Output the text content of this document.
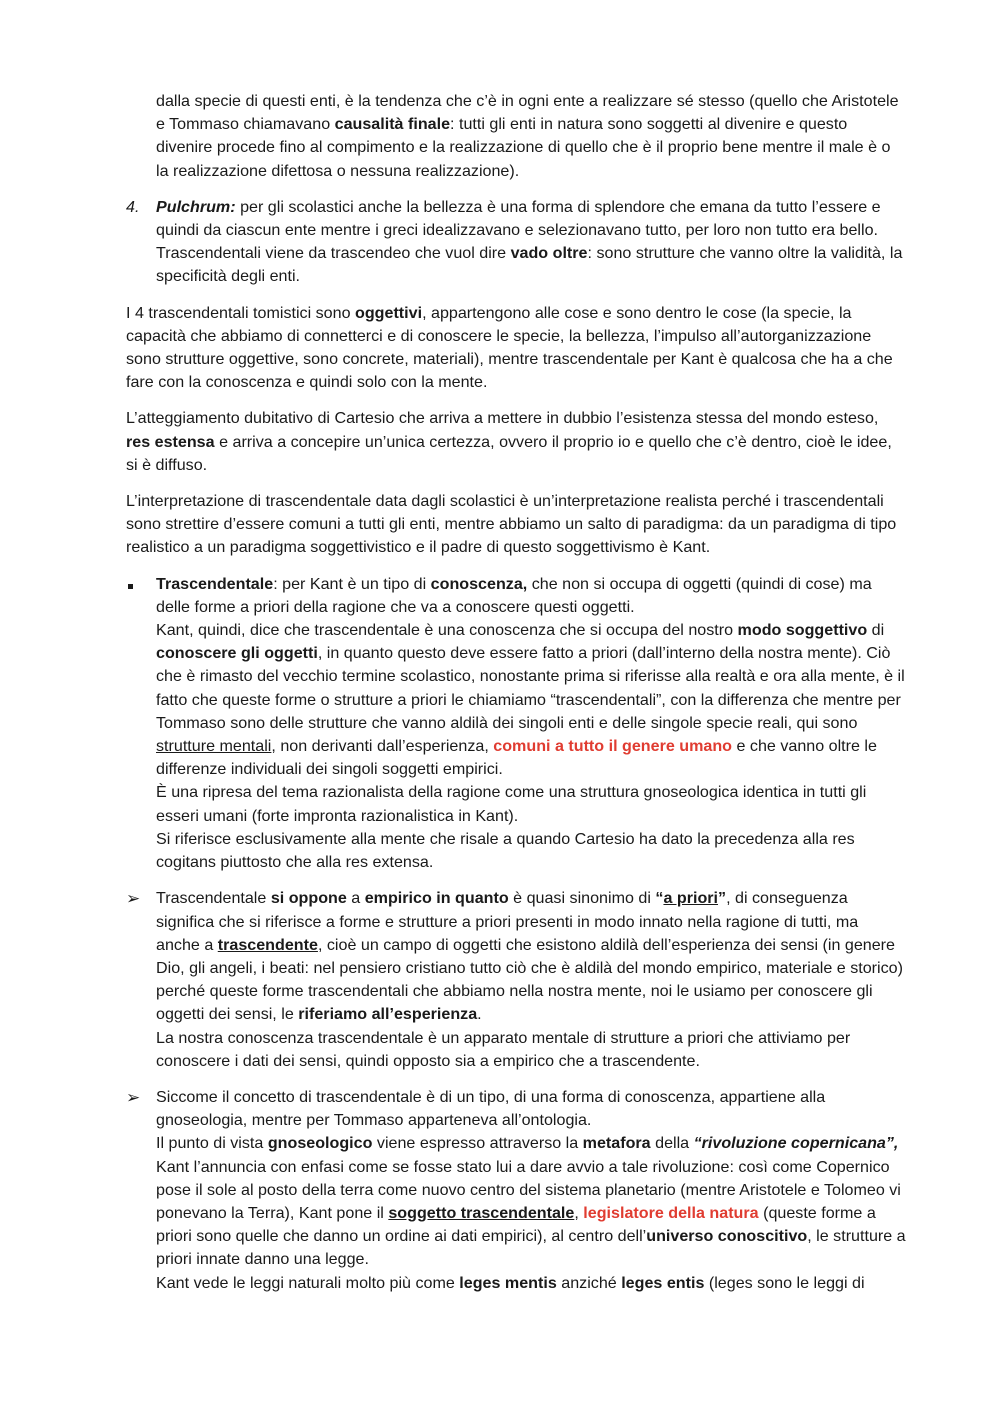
dalla specie di questi enti, è la tendenza che c’è in ogni ente a realizzare sé stesso (quello che Aristotele e Tommaso chiamavano causalità finale: tutti gli enti in natura sono soggetti al divenire e questo divenire procede fino al compimento e la realizzazione di quello che è il proprio bene mentre il male è o la realizzazione difettosa o nessuna realizzazione).

4.	Pulchrum: per gli scolastici anche la bellezza è una forma di splendore che emana da tutto l’essere e quindi da ciascun ente mentre i greci idealizzavano e selezionavano tutto, per loro non tutto era bello. Trascendentali viene da trascendeo che vuol dire vado oltre: sono strutture che vanno oltre la validità, la specificità degli enti.

I 4 trascendentali tomistici sono oggettivi, appartengono alle cose e sono dentro le cose (la specie, la capacità che abbiamo di connetterci e di conoscere le specie, la bellezza, l’impulso all’autorganizzazione sono strutture oggettive, sono concrete, materiali), mentre trascendentale per Kant è qualcosa che ha a che fare con la conoscenza e quindi solo con la mente.

L’atteggiamento dubitativo di Cartesio che arriva a mettere in dubbio l’esistenza stessa del mondo esteso, res estensa e arriva a concepire un’unica certezza, ovvero il proprio io e quello che c’è dentro, cioè le idee, si è diffuso.

L’interpretazione di trascendentale data dagli scolastici è un’interpretazione realista perché i trascendentali sono strettire d’essere comuni a tutti gli enti, mentre abbiamo un salto di paradigma: da un paradigma di tipo realistico a un paradigma soggettivistico e il padre di questo soggettivismo è Kant.

Trascendentale: per Kant è un tipo di conoscenza, che non si occupa di oggetti (quindi di cose) ma delle forme a priori della ragione che va a conoscere questi oggetti.

Kant, quindi, dice che trascendentale è una conoscenza che si occupa del nostro modo soggettivo di conoscere gli oggetti, in quanto questo deve essere fatto a priori (dall’interno della nostra mente). Ciò che è rimasto del vecchio termine scolastico, nonostante prima si riferisse alla realtà e ora alla mente, è il fatto che queste forme o strutture a priori le chiamiamo “trascendentali”, con la differenza che mentre per Tommaso sono delle strutture che vanno aldilà dei singoli enti e delle singole specie reali, qui sono strutture mentali, non derivanti dall’esperienza, comuni a tutto il genere umano e che vanno oltre le differenze individuali dei singoli soggetti empirici.

È una ripresa del tema razionalista della ragione come una struttura gnoseologica identica in tutti gli esseri umani (forte impronta razionalistica in Kant).

Si riferisce esclusivamente alla mente che risale a quando Cartesio ha dato la precedenza alla res cogitans piuttosto che alla res extensa.

➢ Trascendentale si oppone a empirico in quanto è quasi sinonimo di “a priori”, di conseguenza significa che si riferisce a forme e strutture a priori presenti in modo innato nella ragione di tutti, ma anche a trascendente, cioè un campo di oggetti che esistono aldilà dell’esperienza dei sensi (in genere Dio, gli angeli, i beati: nel pensiero cristiano tutto ciò che è aldilà del mondo empirico, materiale e storico) perché queste forme trascendentali che abbiamo nella nostra mente, noi le usiamo per conoscere gli oggetti dei sensi, le riferiamo all’esperienza.

La nostra conoscenza trascendentale è un apparato mentale di strutture a priori che attiviamo per conoscere i dati dei sensi, quindi opposto sia a empirico che a trascendente.

➢ Siccome il concetto di trascendentale è di un tipo, di una forma di conoscenza, appartiene alla gnoseologia, mentre per Tommaso apparteneva all’ontologia.

Il punto di vista gnoseologico viene espresso attraverso la metafora della “rivoluzione copernicana”, Kant l’annuncia con enfasi come se fosse stato lui a dare avvio a tale rivoluzione: così come Copernico pose il sole al posto della terra come nuovo centro del sistema planetario (mentre Aristotele e Tolomeo vi ponevano la Terra), Kant pone il soggetto trascendentale, legislatore della natura (queste forme a priori sono quelle che danno un ordine ai dati empirici), al centro dell’universo conoscitivo, le strutture a priori innate danno una legge.

Kant vede le leggi naturali molto più come leges mentis anziché leges entis (leges sono le leggi di
